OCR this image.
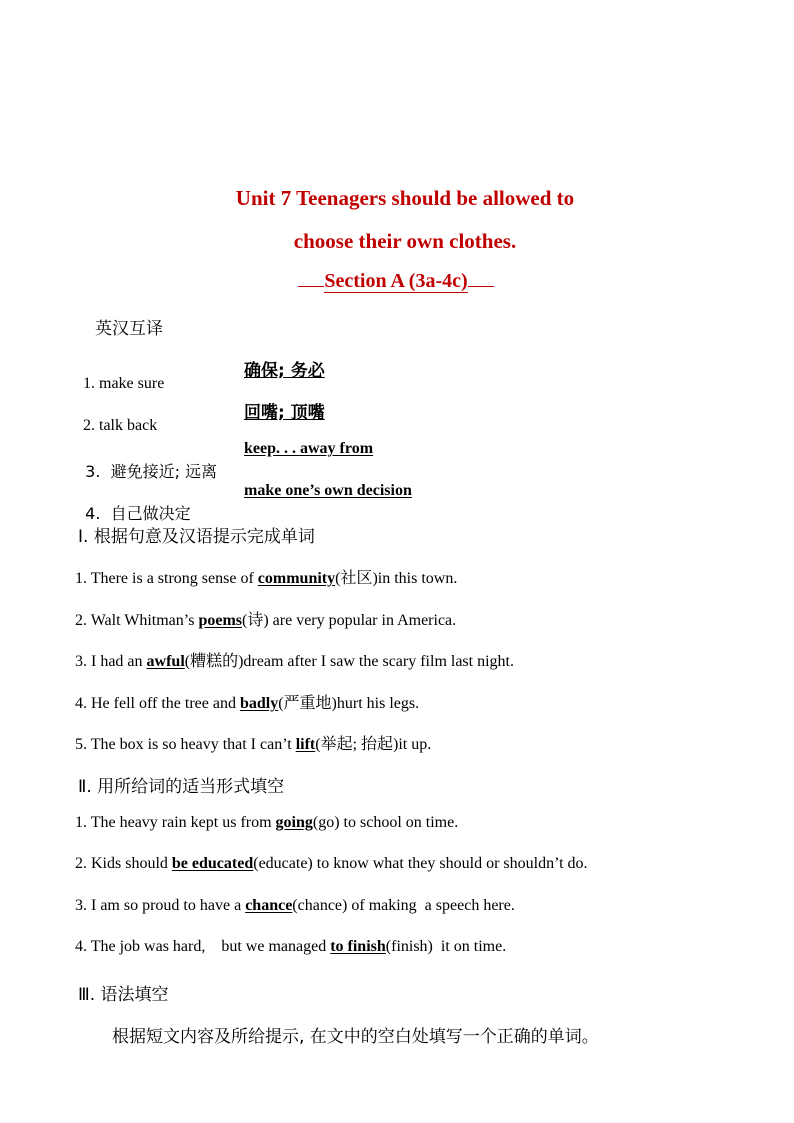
Unit 7 Teenagers should be allowed to
choose their own clothes.
Section A (3a-4c)
英汉互译

1. make sure

确保; 务必

2. talk back

回嘴; 顶嘴

3.  避免接近; 远离

keep. . . away from

4.  自己做决定

make one’s own decision
Ⅰ. 根据句意及汉语提示完成单词
1. There is a strong sense of community(社区)in this town.
2. Walt Whitman’s poems(诗) are very popular in America.
3. I had an awful(糟糕的)dream after I saw the scary film last night.
4. He fell off the tree and badly(严重地)hurt his legs.
5. The box is so heavy that I can’t lift(举起; 抬起)it up.
Ⅱ. 用所给词的适当形式填空
1. The heavy rain kept us from going(go) to school on time.
2. Kids should be educated(educate) to know what they should or shouldn’t do.
3. I am so proud to have a chance(chance) of making  a speech here.
4. The job was hard,    but we managed to finish(finish)  it on time.
Ⅲ. 语法填空
根据短文内容及所给提示, 在文中的空白处填写一个正确的单词。
